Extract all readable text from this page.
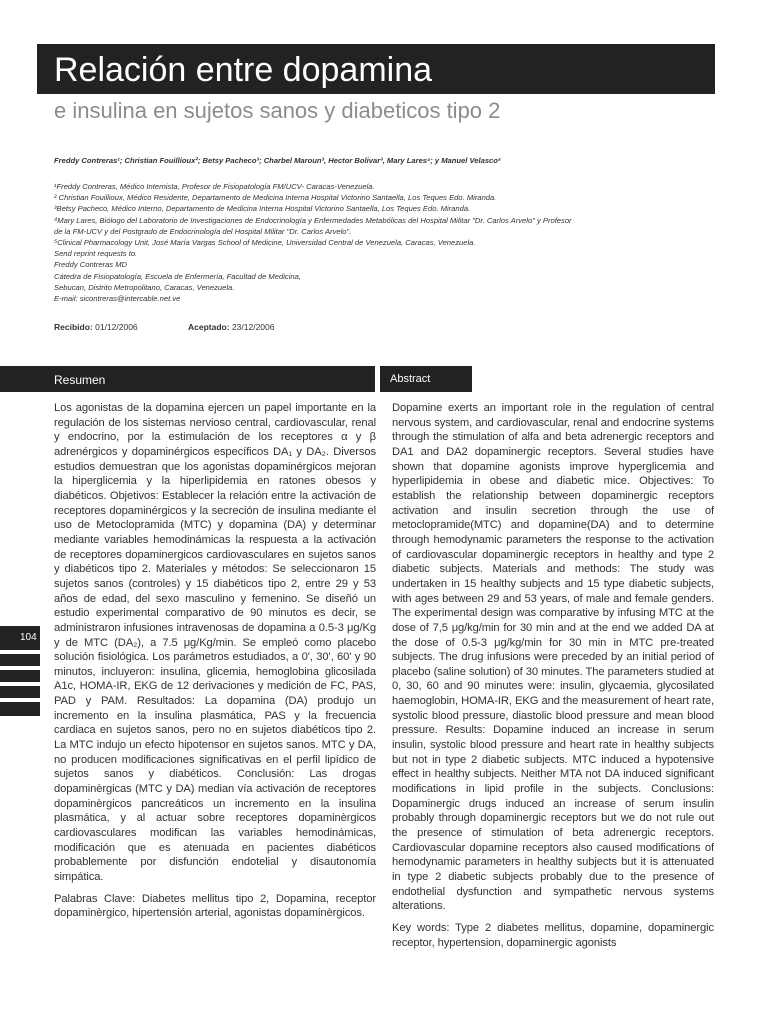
Relación entre dopamina
e insulina en sujetos sanos y diabeticos tipo 2
Freddy Contreras¹; Christian Fouillioux²; Betsy Pacheco³; Charbel Maroun³, Hector Bolivar³, Mary Lares⁴; y Manuel Velasco⁵
¹Freddy Contreras, Médico Internista, Profesor de Fisiopatología FM/UCV- Caracas-Venezuela.
² Christian Fouillioux, Médico Residente, Departamento de Medicina Interna Hospital Victorino Santaella, Los Teques Edo. Miranda.
³Betsy Pacheco, Médico Interno, Departamento de Medicina Interna Hospital Victorino Santaella, Los Teques Edo. Miranda.
⁴Mary Lares, Biólogo del Laboratorio de Investigaciones de Endocrinología y Enfermedades Metabólicas del Hospital Militar "Dr. Carlos Arvelo" y Profesor
de la FM-UCV y del Postgrado de Endocrinología del Hospital Militar "Dr. Carlos Arvelo".
⁵Clinical Pharmacology Unit, José María Vargas School of Medicine, Universidad Central de Venezuela, Caracas, Venezuela.
Send reprint requests to.
Freddy Contreras MD
Cátedra de Fisiopatología, Escuela de Enfermería, Facultad de Medicina,
Sebucan, Distrito Metropolitano, Caracas, Venezuela.
E-mail: sicontreras@intercable.net.ve
Recibido: 01/12/2006	Aceptado: 23/12/2006
Resumen	Abstract

Los agonistas de la dopamina ejercen un papel importante en la regulación de los sistemas nervioso central, cardiovascular, renal y endocrino, por la estimulación de los receptores α y β adrenérgicos y dopaminérgicos específicos DA₁ y DA₂. Diversos estudios demuestran que los agonistas dopaminérgicos mejoran la hiperglicemia y la hiperlipidemia en ratones obesos y diabéticos. Objetivos: Establecer la relación entre la activación de receptores dopaminérgicos y la secreción de insulina mediante el uso de Metoclopramida (MTC) y dopamina (DA) y determinar mediante variables hemodinámicas la respuesta a la activación de receptores dopaminergicos cardiovasculares en sujetos sanos y diabéticos tipo 2. Materiales y métodos: Se seleccionaron 15 sujetos sanos (controles) y 15 diabéticos tipo 2, entre 29 y 53 años de edad, del sexo masculino y femenino. Se diseñó un estudio experimental comparativo de 90 minutos es decir, se administraron infusiones intravenosas de dopamina a 0.5-3 μg/Kg y de MTC (DA₂), a 7.5 μg/Kg/min. Se empleó como placebo solución fisiológica. Los parámetros estudiados, a 0', 30', 60' y 90 minutos, incluyeron: insulina, glicemia, hemoglobina glicosilada A1c, HOMA-IR, EKG de 12 derivaciones y medición de FC, PAS, PAD y PAM. Resultados: La dopamina (DA) produjo un incremento en la insulina plasmática, PAS y la frecuencia cardiaca en sujetos sanos, pero no en sujetos diabéticos tipo 2. La MTC indujo un efecto hipotensor en sujetos sanos. MTC y DA, no producen modificaciones significativas en el perfil lipídico de sujetos sanos y diabéticos. Conclusión: Las drogas dopaminèrgicas (MTC y DA) median vía activación de receptores dopaminèrgicos pancreáticos un incremento en la insulina plasmática, y al actuar sobre receptores dopaminèrgicos cardiovasculares modifican las variables hemodinámicas, modificación que es atenuada en pacientes diabéticos probablemente por disfunción endotelial y disautonomía simpática.

Palabras Clave: Diabetes mellitus tipo 2, Dopamina, receptor dopaminèrgico, hipertensión arterial, agonistas dopaminèrgicos.

Dopamine exerts an important role in the regulation of central nervous system, and cardiovascular, renal and endocrine systems through the stimulation of alfa and beta adrenergic receptors and DA1 and DA2 dopaminergic receptors. Several studies have shown that dopamine agonists improve hyperglicemia and hyperlipidemia in obese and diabetic mice. Objectives: To establish the relationship between dopaminergic receptors activation and insulin secretion through the use of metoclopramide(MTC) and dopamine(DA) and to determine through hemodynamic parameters the response to the activation of cardiovascular dopaminergic receptors in healthy and type 2 diabetic subjects. Materials and methods: The study was undertaken in 15 healthy subjects and 15 type diabetic subjects, with ages between 29 and 53 years, of male and female genders. The experimental design was comparative by infusing MTC at the dose of 7,5 μg/kg/min for 30 min and at the end we added DA at the dose of 0.5-3 μg/kg/min for 30 min in MTC pre-treated subjects. The drug infusions were preceded by an initial period of placebo (saline solution) of 30 minutes. The parameters studied at 0, 30, 60 and 90 minutes were: insulin, glycaemia, glycosilated haemoglobin, HOMA-IR, EKG and the measurement of heart rate, systolic blood pressure, diastolic blood pressure and mean blood pressure. Results: Dopamine induced an increase in serum insulin, systolic blood pressure and heart rate in healthy subjects but not in type 2 diabetic subjects. MTC induced a hypotensive effect in healthy subjects. Neither MTA not DA induced significant modifications in lipid profile in the subjects. Conclusions: Dopaminergic drugs induced an increase of serum insulin probably through dopaminergic receptors but we do not rule out the presence of stimulation of beta adrenergic receptors. Cardiovascular dopamine receptors also caused modifications of hemodynamic parameters in healthy subjects but it is attenuated in type 2 diabetic subjects probably due to the presence of endothelial dysfunction and sympathetic nervous systems alterations.

Key words: Type 2 diabetes mellitus, dopamine, dopaminergic receptor, hypertension, dopaminergic agonists

104
